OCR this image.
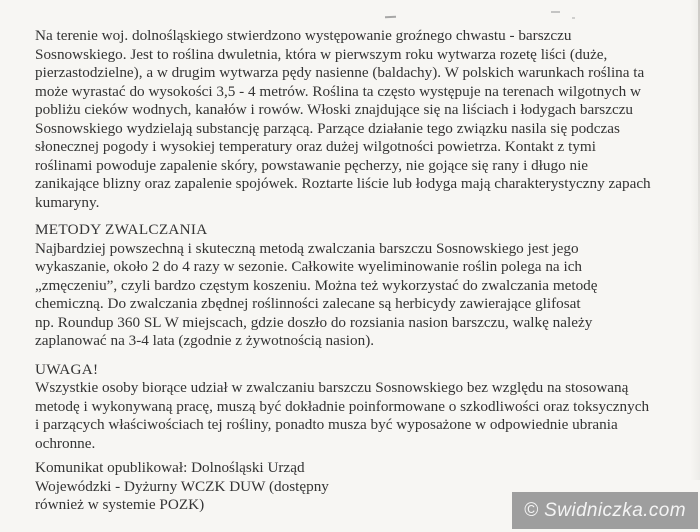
Na terenie woj. dolnośląskiego stwierdzono występowanie groźnego chwastu - barszczu
Sosnowskiego. Jest to roślina dwuletnia, która w pierwszym roku wytwarza rozetę liści (duże,
pierzastodzielne), a w drugim wytwarza pędy nasienne (baldachy). W polskich warunkach roślina ta
może wyrastać do wysokości 3,5 - 4 metrów. Roślina ta często występuje na terenach wilgotnych w
pobliżu cieków wodnych, kanałów i rowów. Włoski znajdujące się na liściach i łodygach barszczu
Sosnowskiego wydzielają substancję parzącą. Parzące działanie tego związku nasila się podczas
słonecznej pogody i wysokiej temperatury oraz dużej wilgotności powietrza. Kontakt z tymi
roślinami powoduje zapalenie skóry, powstawanie pęcherzy, nie gojące się rany i długo nie
zanikające blizny oraz zapalenie spojówek. Roztarte liście lub łodyga mają charakterystyczny zapach
kumaryny.
METODY ZWALCZANIA
Najbardziej powszechną i skuteczną metodą zwalczania barszczu Sosnowskiego jest jego
wykaszanie, około 2 do 4 razy w sezonie. Całkowite wyeliminowanie roślin polega na ich
„zmęczeniu”, czyli bardzo częstym koszeniu. Można też wykorzystać do zwalczania metodę
chemiczną. Do zwalczania zbędnej roślinności zalecane są herbicydy zawierające glifosat
np. Roundup 360 SL W miejscach, gdzie doszło do rozsiania nasion barszczu, walkę należy
zaplanować na 3-4 lata (zgodnie z żywotnością nasion).
UWAGA!
Wszystkie osoby biorące udział w zwalczaniu barszczu Sosnowskiego bez względu na stosowaną
metodę i wykonywaną pracę, muszą być dokładnie poinformowane o szkodliwości oraz toksycznych
i parzących właściwościach tej rośliny, ponadto musza być wyposażone w odpowiednie ubrania
ochronne.
Komunikat opublikował: Dolnośląski Urząd
Wojewódzki - Dyżurny WCZK DUW (dostępny
również w systemie POZK)	© Swidniczka.com
